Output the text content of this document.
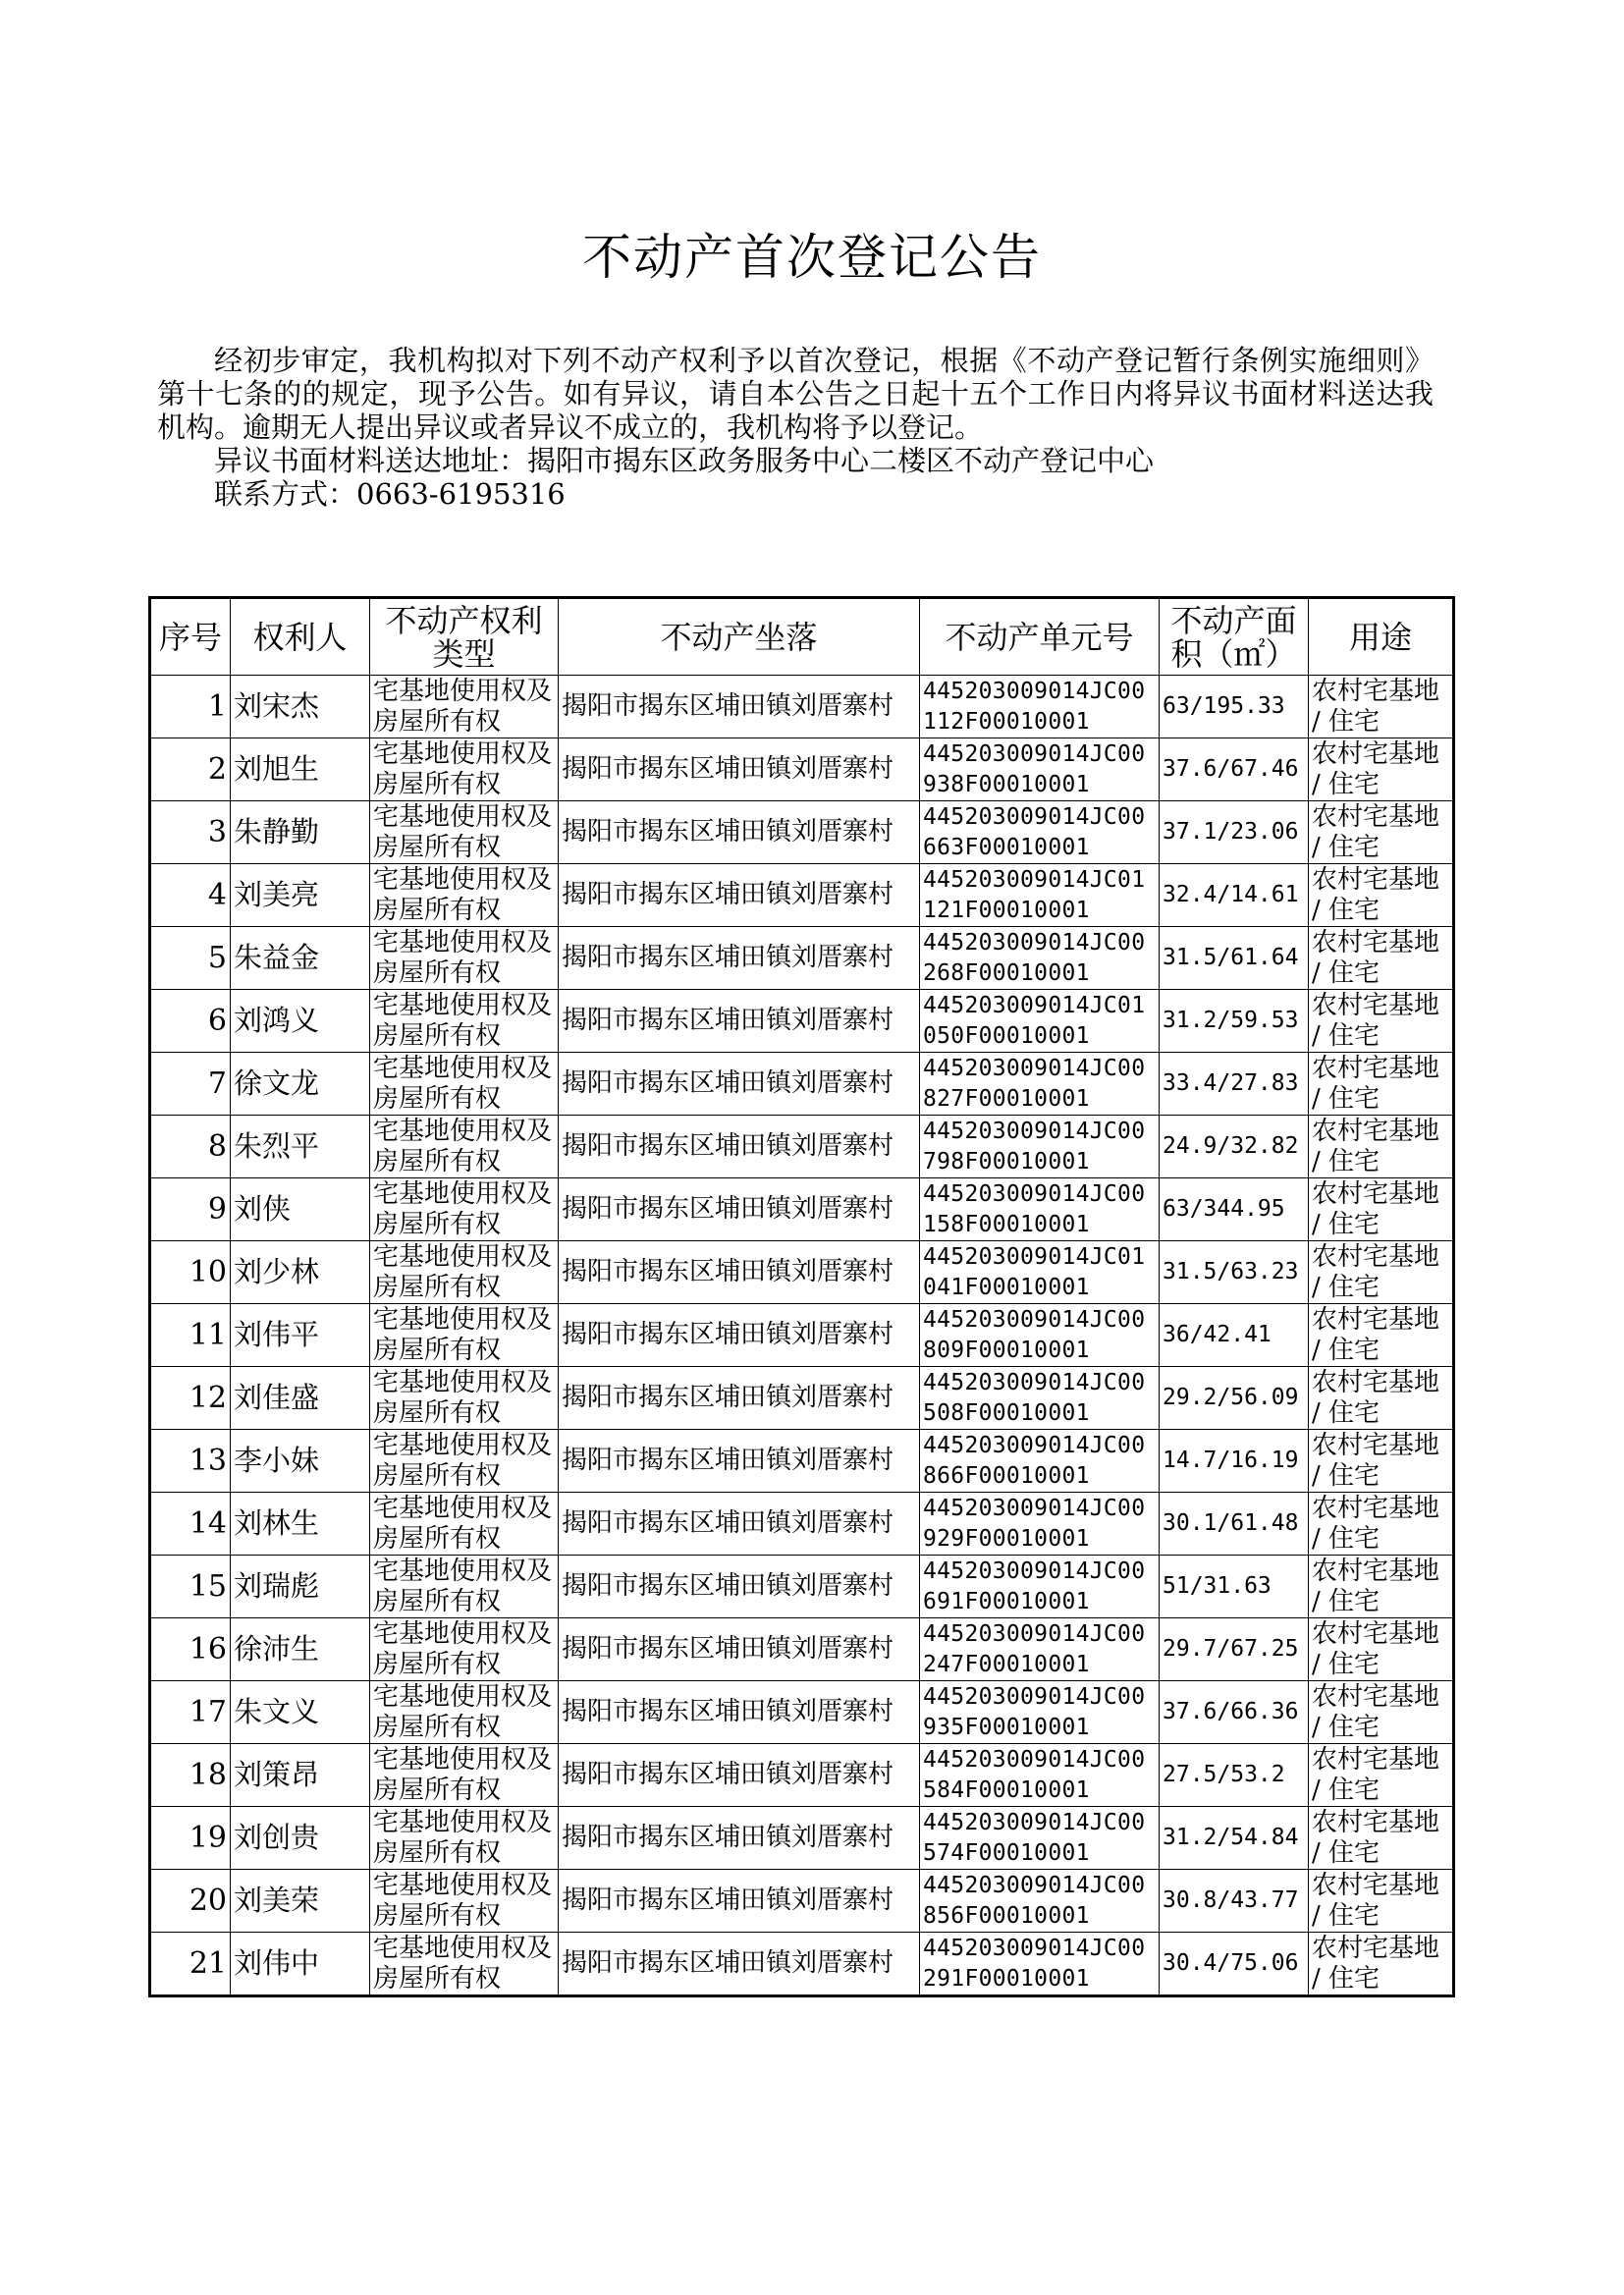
不动产首次登记公告

经初步审定，我机构拟对下列不动产权利予以首次登记，根据《不动产登记暂行条例实施细则》第十七条的的规定，现予公告。如有异议，请自本公告之日起十五个工作日内将异议书面材料送达我机构。逾期无人提出异议或者异议不成立的，我机构将予以登记。

异议书面材料送达地址：揭阳市揭东区政务服务中心二楼区不动产登记中心
联系方式：0663-6195316
序号	权利人	不动产权利类型	不动产坐落	不动产单元号	不动产面积（㎡）	用途
1	刘宋杰	宅基地使用权及房屋所有权	揭阳市揭东区埔田镇刘厝寨村	445203009014JC00112F00010001	63/195.33	农村宅基地 / 住宅
2	刘旭生	宅基地使用权及房屋所有权	揭阳市揭东区埔田镇刘厝寨村	445203009014JC00938F00010001	37.6/67.46	农村宅基地 / 住宅
3	朱静勤	宅基地使用权及房屋所有权	揭阳市揭东区埔田镇刘厝寨村	445203009014JC00663F00010001	37.1/23.06	农村宅基地 / 住宅
4	刘美亮	宅基地使用权及房屋所有权	揭阳市揭东区埔田镇刘厝寨村	445203009014JC01121F00010001	32.4/14.61	农村宅基地 / 住宅
5	朱益金	宅基地使用权及房屋所有权	揭阳市揭东区埔田镇刘厝寨村	445203009014JC00268F00010001	31.5/61.64	农村宅基地 / 住宅
6	刘鸿义	宅基地使用权及房屋所有权	揭阳市揭东区埔田镇刘厝寨村	445203009014JC01050F00010001	31.2/59.53	农村宅基地 / 住宅
7	徐文龙	宅基地使用权及房屋所有权	揭阳市揭东区埔田镇刘厝寨村	445203009014JC00827F00010001	33.4/27.83	农村宅基地 / 住宅
8	朱烈平	宅基地使用权及房屋所有权	揭阳市揭东区埔田镇刘厝寨村	445203009014JC00798F00010001	24.9/32.82	农村宅基地 / 住宅
9	刘侠	宅基地使用权及房屋所有权	揭阳市揭东区埔田镇刘厝寨村	445203009014JC00158F00010001	63/344.95	农村宅基地 / 住宅
10	刘少林	宅基地使用权及房屋所有权	揭阳市揭东区埔田镇刘厝寨村	445203009014JC01041F00010001	31.5/63.23	农村宅基地 / 住宅
11	刘伟平	宅基地使用权及房屋所有权	揭阳市揭东区埔田镇刘厝寨村	445203009014JC00809F00010001	36/42.41	农村宅基地 / 住宅
12	刘佳盛	宅基地使用权及房屋所有权	揭阳市揭东区埔田镇刘厝寨村	445203009014JC00508F00010001	29.2/56.09	农村宅基地 / 住宅
13	李小妹	宅基地使用权及房屋所有权	揭阳市揭东区埔田镇刘厝寨村	445203009014JC00866F00010001	14.7/16.19	农村宅基地 / 住宅
14	刘林生	宅基地使用权及房屋所有权	揭阳市揭东区埔田镇刘厝寨村	445203009014JC00929F00010001	30.1/61.48	农村宅基地 / 住宅
15	刘瑞彪	宅基地使用权及房屋所有权	揭阳市揭东区埔田镇刘厝寨村	445203009014JC00691F00010001	51/31.63	农村宅基地 / 住宅
16	徐沛生	宅基地使用权及房屋所有权	揭阳市揭东区埔田镇刘厝寨村	445203009014JC00247F00010001	29.7/67.25	农村宅基地 / 住宅
17	朱文义	宅基地使用权及房屋所有权	揭阳市揭东区埔田镇刘厝寨村	445203009014JC00935F00010001	37.6/66.36	农村宅基地 / 住宅
18	刘策昂	宅基地使用权及房屋所有权	揭阳市揭东区埔田镇刘厝寨村	445203009014JC00584F00010001	27.5/53.2	农村宅基地 / 住宅
19	刘创贵	宅基地使用权及房屋所有权	揭阳市揭东区埔田镇刘厝寨村	445203009014JC00574F00010001	31.2/54.84	农村宅基地 / 住宅
20	刘美荣	宅基地使用权及房屋所有权	揭阳市揭东区埔田镇刘厝寨村	445203009014JC00856F00010001	30.8/43.77	农村宅基地 / 住宅
21	刘伟中	宅基地使用权及房屋所有权	揭阳市揭东区埔田镇刘厝寨村	445203009014JC00291F00010001	30.4/75.06	农村宅基地 / 住宅
